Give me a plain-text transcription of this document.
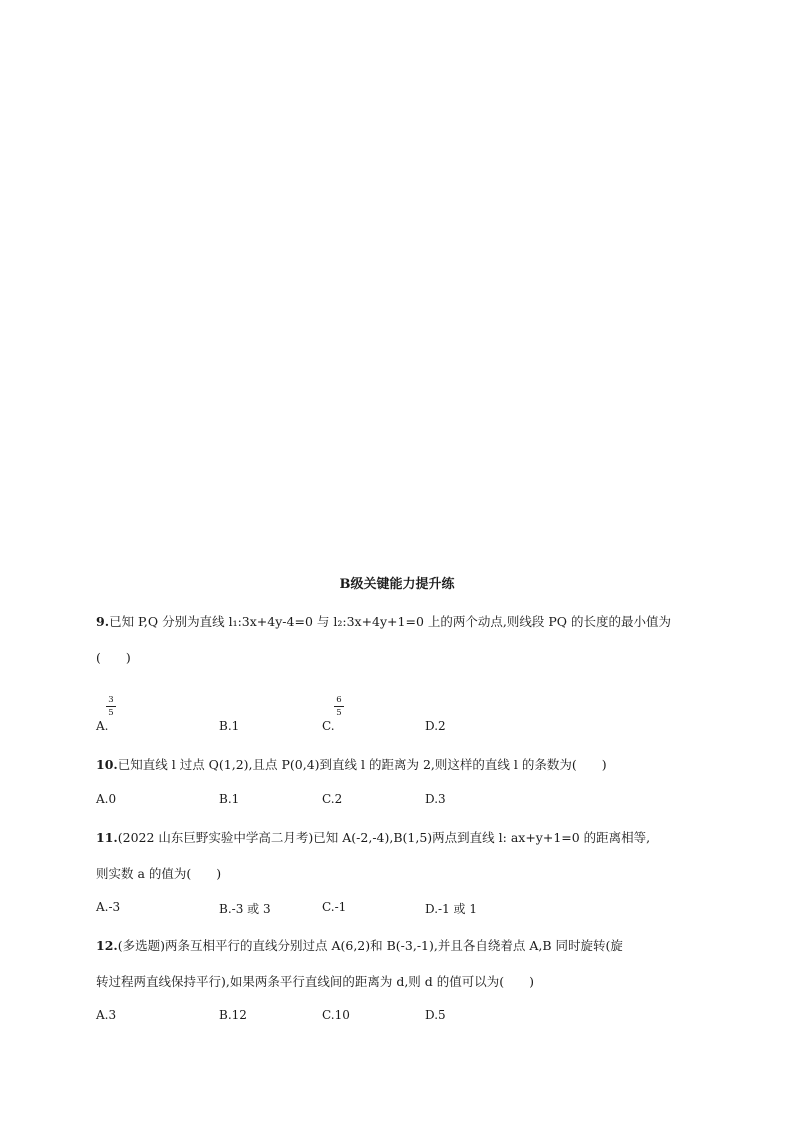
B级关键能力提升练
9.已知 P,Q 分别为直线 l₁:3x+4y-4=0 与 l₂:3x+4y+1=0 上的两个动点,则线段 PQ 的长度的最小值为
(　　)
3
5
A.	B.1
6
5
C.	D.2
10.已知直线 l 过点 Q(1,2),且点 P(0,4)到直线 l 的距离为 2,则这样的直线 l 的条数为(　　)
A.0	B.1	C.2	D.3
11.(2022 山东巨野实验中学高二月考)已知 A(-2,-4),B(1,5)两点到直线 l: ax+y+1=0 的距离相等,
则实数 a 的值为(　　)
A.-3	B.-3 或 3	C.-1	D.-1 或 1
12.(多选题)两条互相平行的直线分别过点 A(6,2)和 B(-3,-1),并且各自绕着点 A,B 同时旋转(旋
转过程两直线保持平行),如果两条平行直线间的距离为 d,则 d 的值可以为(　　)
A.3	B.12	C.10	D.5
